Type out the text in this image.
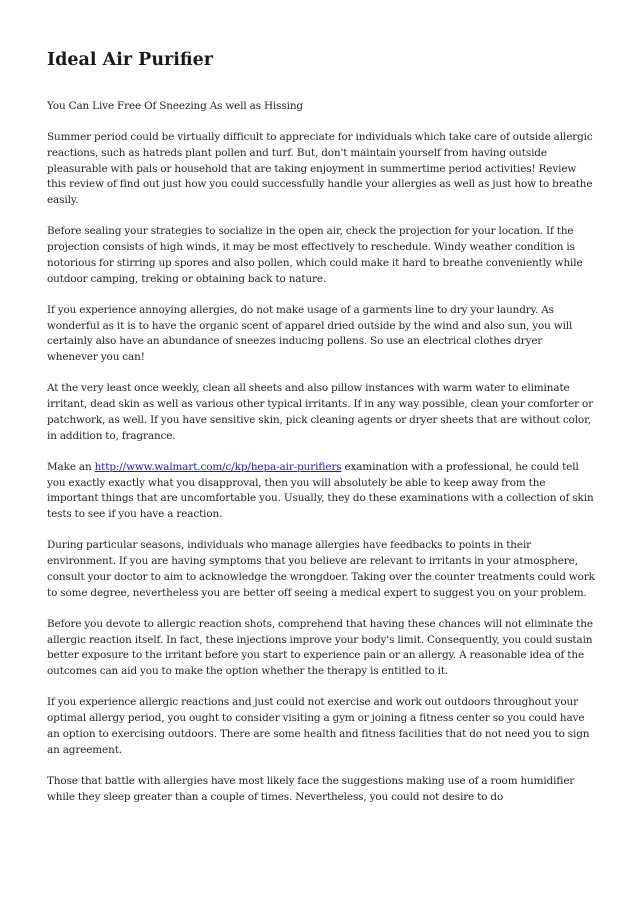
Ideal Air Purifier

You Can Live Free Of Sneezing As well as Hissing

Summer period could be virtually difficult to appreciate for individuals which take care of outside allergic reactions, such as hatreds plant pollen and turf. But, don't maintain yourself from having outside pleasurable with pals or household that are taking enjoyment in summertime period activities! Review this review of find out just how you could successfully handle your allergies as well as just how to breathe easily.

Before sealing your strategies to socialize in the open air, check the projection for your location. If the projection consists of high winds, it may be most effectively to reschedule. Windy weather condition is notorious for stirring up spores and also pollen, which could make it hard to breathe conveniently while outdoor camping, treking or obtaining back to nature.

If you experience annoying allergies, do not make usage of a garments line to dry your laundry. As wonderful as it is to have the organic scent of apparel dried outside by the wind and also sun, you will certainly also have an abundance of sneezes inducing pollens. So use an electrical clothes dryer whenever you can!

At the very least once weekly, clean all sheets and also pillow instances with warm water to eliminate irritant, dead skin as well as various other typical irritants. If in any way possible, clean your comforter or patchwork, as well. If you have sensitive skin, pick cleaning agents or dryer sheets that are without color, in addition to, fragrance.

Make an http://www.walmart.com/c/kp/hepa-air-purifiers examination with a professional, he could tell you exactly exactly what you disapproval, then you will absolutely be able to keep away from the important things that are uncomfortable you. Usually, they do these examinations with a collection of skin tests to see if you have a reaction.

During particular seasons, individuals who manage allergies have feedbacks to points in their environment. If you are having symptoms that you believe are relevant to irritants in your atmosphere, consult your doctor to aim to acknowledge the wrongdoer. Taking over the counter treatments could work to some degree, nevertheless you are better off seeing a medical expert to suggest you on your problem.

Before you devote to allergic reaction shots, comprehend that having these chances will not eliminate the allergic reaction itself. In fact, these injections improve your body's limit. Consequently, you could sustain better exposure to the irritant before you start to experience pain or an allergy. A reasonable idea of the outcomes can aid you to make the option whether the therapy is entitled to it.

If you experience allergic reactions and just could not exercise and work out outdoors throughout your optimal allergy period, you ought to consider visiting a gym or joining a fitness center so you could have an option to exercising outdoors. There are some health and fitness facilities that do not need you to sign an agreement.

Those that battle with allergies have most likely face the suggestions making use of a room humidifier while they sleep greater than a couple of times. Nevertheless, you could not desire to do
